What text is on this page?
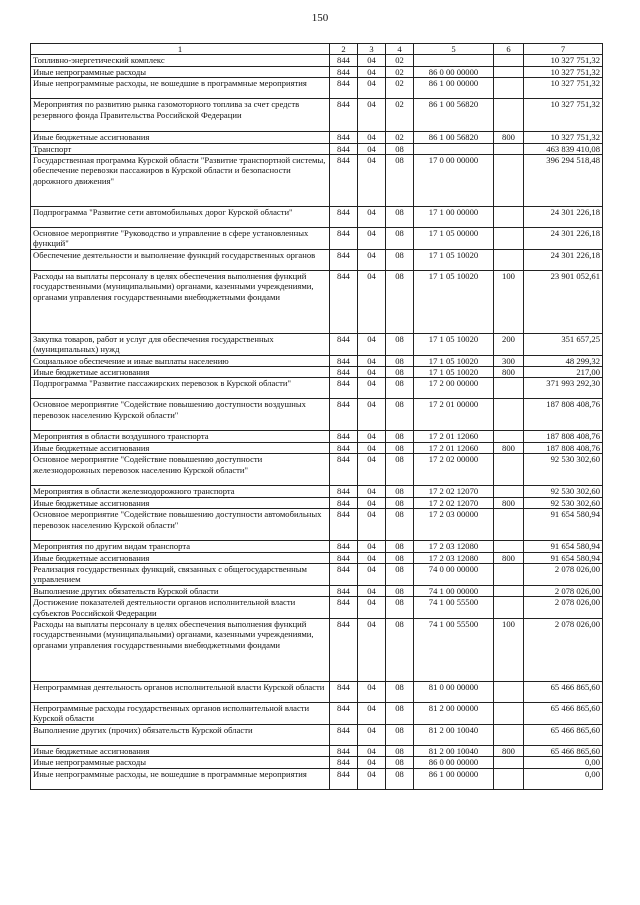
150
1	2	3	4	5	6	7
Топливно-энергетический комплекс	844	04	02			10 327 751,32
Иные непрограммные расходы	844	04	02	86 0 00 00000		10 327 751,32
Иные непрограммные расходы, не вошедшие в программные мероприятия	844	04	02	86 1 00 00000		10 327 751,32
Мероприятия по развитию рынка газомоторного топлива за счет средств резервного фонда Правительства Российской Федерации	844	04	02	86 1 00 56820		10 327 751,32
Иные бюджетные ассигнования	844	04	02	86 1 00 56820	800	10 327 751,32
Транспорт	844	04	08			463 839 410,08
Государственная программа Курской области "Развитие транспортной системы, обеспечение перевозки пассажиров в Курской области и безопасности дорожного движения"	844	04	08	17 0 00 00000		396 294 518,48
Подпрограмма "Развитие сети автомобильных дорог Курской области"	844	04	08	17 1 00 00000		24 301 226,18
Основное мероприятие "Руководство и управление в сфере установленных функций"	844	04	08	17 1 05 00000		24 301 226,18
Обеспечение деятельности и выполнение функций государственных органов	844	04	08	17 1 05 10020		24 301 226,18
Расходы на выплаты персоналу в целях обеспечения выполнения функций государственными (муниципальными) органами, казенными учреждениями, органами управления государственными внебюджетными фондами	844	04	08	17 1 05 10020	100	23 901 052,61
Закупка товаров, работ и услуг для обеспечения государственных (муниципальных) нужд	844	04	08	17 1 05 10020	200	351 657,25
Социальное обеспечение и иные выплаты населению	844	04	08	17 1 05 10020	300	48 299,32
Иные бюджетные ассигнования	844	04	08	17 1 05 10020	800	217,00
Подпрограмма "Развитие пассажирских перевозок в Курской области"	844	04	08	17 2 00 00000		371 993 292,30
Основное мероприятие "Содействие повышению доступности воздушных перевозок населению Курской области"	844	04	08	17 2 01 00000		187 808 408,76
Мероприятия в области воздушного транспорта	844	04	08	17 2 01 12060		187 808 408,76
Иные бюджетные ассигнования	844	04	08	17 2 01 12060	800	187 808 408,76
Основное мероприятие "Содействие повышению доступности железнодорожных перевозок населению Курской области"	844	04	08	17 2 02 00000		92 530 302,60
Мероприятия в области железнодорожного транспорта	844	04	08	17 2 02 12070		92 530 302,60
Иные бюджетные ассигнования	844	04	08	17 2 02 12070	800	92 530 302,60
Основное мероприятие "Содействие повышению доступности автомобильных перевозок населению Курской области"	844	04	08	17 2 03 00000		91 654 580,94
Мероприятия по другим видам транспорта	844	04	08	17 2 03 12080		91 654 580,94
Иные бюджетные ассигнования	844	04	08	17 2 03 12080	800	91 654 580,94
Реализация государственных функций, связанных с общегосударственным управлением	844	04	08	74 0 00 00000		2 078 026,00
Выполнение других обязательств Курской области	844	04	08	74 1 00 00000		2 078 026,00
Достижение показателей деятельности органов исполнительной власти субъектов Российской Федерации	844	04	08	74 1 00 55500		2 078 026,00
Расходы на выплаты персоналу в целях обеспечения выполнения функций государственными (муниципальными) органами, казенными учреждениями, органами управления государственными внебюджетными фондами	844	04	08	74 1 00 55500	100	2 078 026,00
Непрограммная деятельность органов исполнительной власти Курской области	844	04	08	81 0 00 00000		65 466 865,60
Непрограммные расходы государственных органов исполнительной власти Курской области	844	04	08	81 2 00 00000		65 466 865,60
Выполнение других (прочих) обязательств Курской области	844	04	08	81 2 00 10040		65 466 865,60
Иные бюджетные ассигнования	844	04	08	81 2 00 10040	800	65 466 865,60
Иные непрограммные расходы	844	04	08	86 0 00 00000		0,00
Иные непрограммные расходы, не вошедшие в программные мероприятия	844	04	08	86 1 00 00000		0,00
